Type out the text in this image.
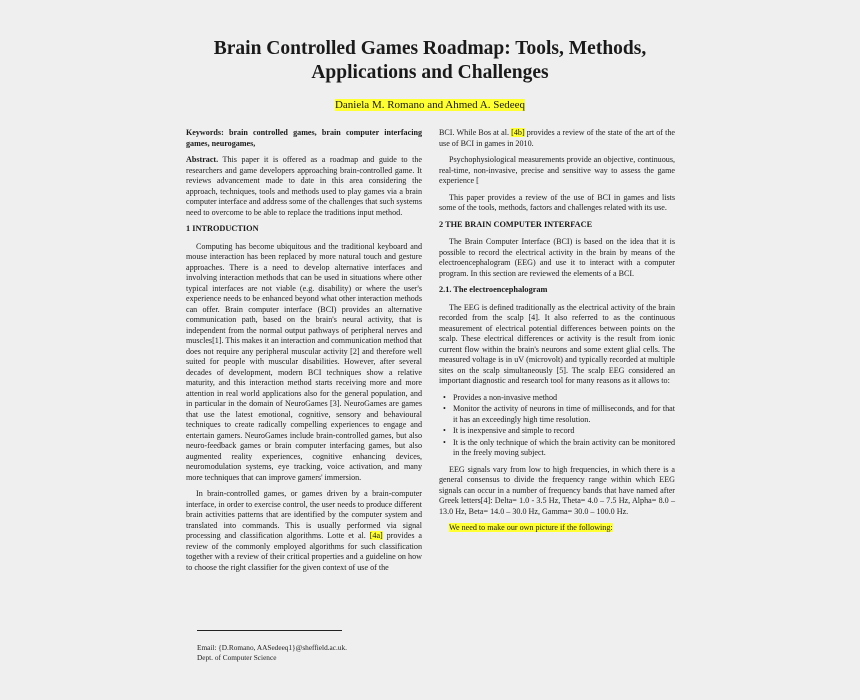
Brain Controlled Games Roadmap: Tools, Methods,
Applications and Challenges
Daniela M. Romano and Ahmed A. Sedeeq

Keywords: brain controlled games, brain computer interfacing games, neurogames,

Abstract. This paper it is offered as a roadmap and guide to the researchers and game developers approaching brain-controlled game. It reviews advancement made to date in this area considering the approach, techniques, tools and methods used to play games via a brain computer interface and address some of the challenges that such systems need to overcome to be able to replace the traditions input method.

1 INTRODUCTION

Computing has become ubiquitous and the traditional keyboard and mouse interaction has been replaced by more natural touch and gesture approaches. There is a need to develop alternative interfaces and involving interaction methods that can be used in situations where other typical interfaces are not viable (e.g. disability) or where the user's experience needs to be enhanced beyond what other interaction methods can offer. Brain computer interface (BCI) provides an alternative communication path, based on the brain's neural activity, that is independent from the normal output pathways of peripheral nerves and muscles[1]. This makes it an interaction and communication method that does not require any peripheral muscular activity [2] and therefore well suited for people with muscular disabilities. However, after several decades of development, modern BCI techniques show a relative maturity, and this interaction method starts receiving more and more attention in real world applications also for the general population, and in particular in the domain of NeuroGames [3]. NeuroGames are games that use the latest emotional, cognitive, sensory and behavioural techniques to create radically compelling experiences to engage and entertain gamers. NeuroGames include brain-controlled games, but also neuro-feedback games or brain computer interfacing games, but also augmented reality experiences, cognitive enhancing devices, neuromodulation systems, eye tracking, voice activation, and many more techniques that can improve gamers' immersion.

In brain-controlled games, or games driven by a brain-computer interface, in order to exercise control, the user needs to produce different brain activities patterns that are identified by the computer system and translated into commands. This is usually performed via signal processing and classification algorithms. Lotte et al. [4a] provides a review of the commonly employed algorithms for such classification together with a review of their critical properties and a guideline on how to choose the right classifier for the given context of use of the

Email: {D.Romano, AASedeeq1}@sheffield.ac.uk.
Dept. of Computer Science

BCI. While Bos at al. [4b] provides a review of the state of the art of the use of BCI in games in 2010.

Psychophysiological measurements provide an objective, continuous, real-time, non-invasive, precise and sensitive way to assess the game experience [

This paper provides a review of the use of BCI in games and lists some of the tools, methods, factors and challenges related with its use.

2 THE BRAIN COMPUTER INTERFACE

The Brain Computer Interface (BCI) is based on the idea that it is possible to record the electrical activity in the brain by means of the electroencephalogram (EEG) and use it to interact with a computer program. In this section are reviewed the elements of a BCI.

2.1. The electroencephalogram

The EEG is defined traditionally as the electrical activity of the brain recorded from the scalp [4]. It also referred to as the continuous measurement of electrical potential differences between points on the scalp. These electrical differences or activity is the result from ionic current flow within the brain's neurons and some extent glial cells. The measured voltage is in uV (microvolt) and typically recorded at multiple sites on the scalp simultaneously [5]. The scalp EEG considered an important diagnostic and research tool for many reasons as it allows to:

• Provides a non-invasive method
• Monitor the activity of neurons in time of milliseconds, and for that it has an exceedingly high time resolution.
• It is inexpensive and simple to record
• It is the only technique of which the brain activity can be monitored in the freely moving subject.

EEG signals vary from low to high frequencies, in which there is a general consensus to divide the frequency range within which EEG signals can occur in a number of frequency bands that have named after Greek letters[4]: Delta= 1.0 - 3.5 Hz, Theta= 4.0 – 7.5 Hz, Alpha= 8.0 – 13.0 Hz, Beta= 14.0 – 30.0 Hz, Gamma= 30.0 – 100.0 Hz.

We need to make our own picture if the following:
